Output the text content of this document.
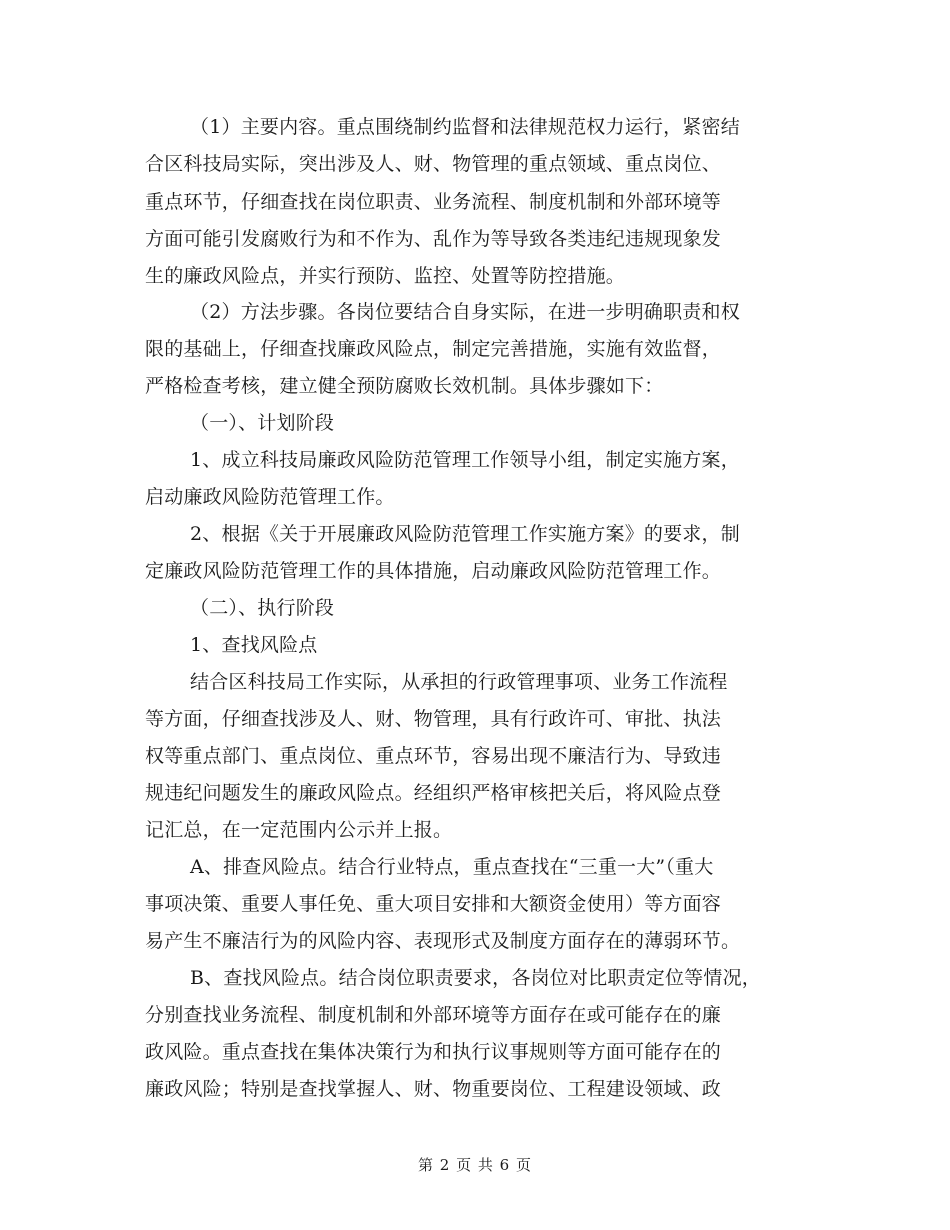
（1）主要内容。重点围绕制约监督和法律规范权力运行，紧密结
合区科技局实际，突出涉及人、财、物管理的重点领域、重点岗位、
重点环节，仔细查找在岗位职责、业务流程、制度机制和外部环境等
方面可能引发腐败行为和不作为、乱作为等导致各类违纪违规现象发
生的廉政风险点，并实行预防、监控、处置等防控措施。
（2）方法步骤。各岗位要结合自身实际，在进一步明确职责和权
限的基础上，仔细查找廉政风险点，制定完善措施，实施有效监督，
严格检查考核，建立健全预防腐败长效机制。具体步骤如下：
（一）、计划阶段
1、成立科技局廉政风险防范管理工作领导小组，制定实施方案，
启动廉政风险防范管理工作。
2、根据《关于开展廉政风险防范管理工作实施方案》的要求，制
定廉政风险防范管理工作的具体措施，启动廉政风险防范管理工作。
（二）、执行阶段
1、查找风险点
结合区科技局工作实际，从承担的行政管理事项、业务工作流程
等方面，仔细查找涉及人、财、物管理，具有行政许可、审批、执法
权等重点部门、重点岗位、重点环节，容易出现不廉洁行为、导致违
规违纪问题发生的廉政风险点。经组织严格审核把关后，将风险点登
记汇总，在一定范围内公示并上报。
A、排查风险点。结合行业特点，重点查找在“三重一大”（重大
事项决策、重要人事任免、重大项目安排和大额资金使用）等方面容
易产生不廉洁行为的风险内容、表现形式及制度方面存在的薄弱环节。
B、查找风险点。结合岗位职责要求，各岗位对比职责定位等情况，
分别查找业务流程、制度机制和外部环境等方面存在或可能存在的廉
政风险。重点查找在集体决策行为和执行议事规则等方面可能存在的
廉政风险；特别是查找掌握人、财、物重要岗位、工程建设领域、政
第 2 页 共 6 页
